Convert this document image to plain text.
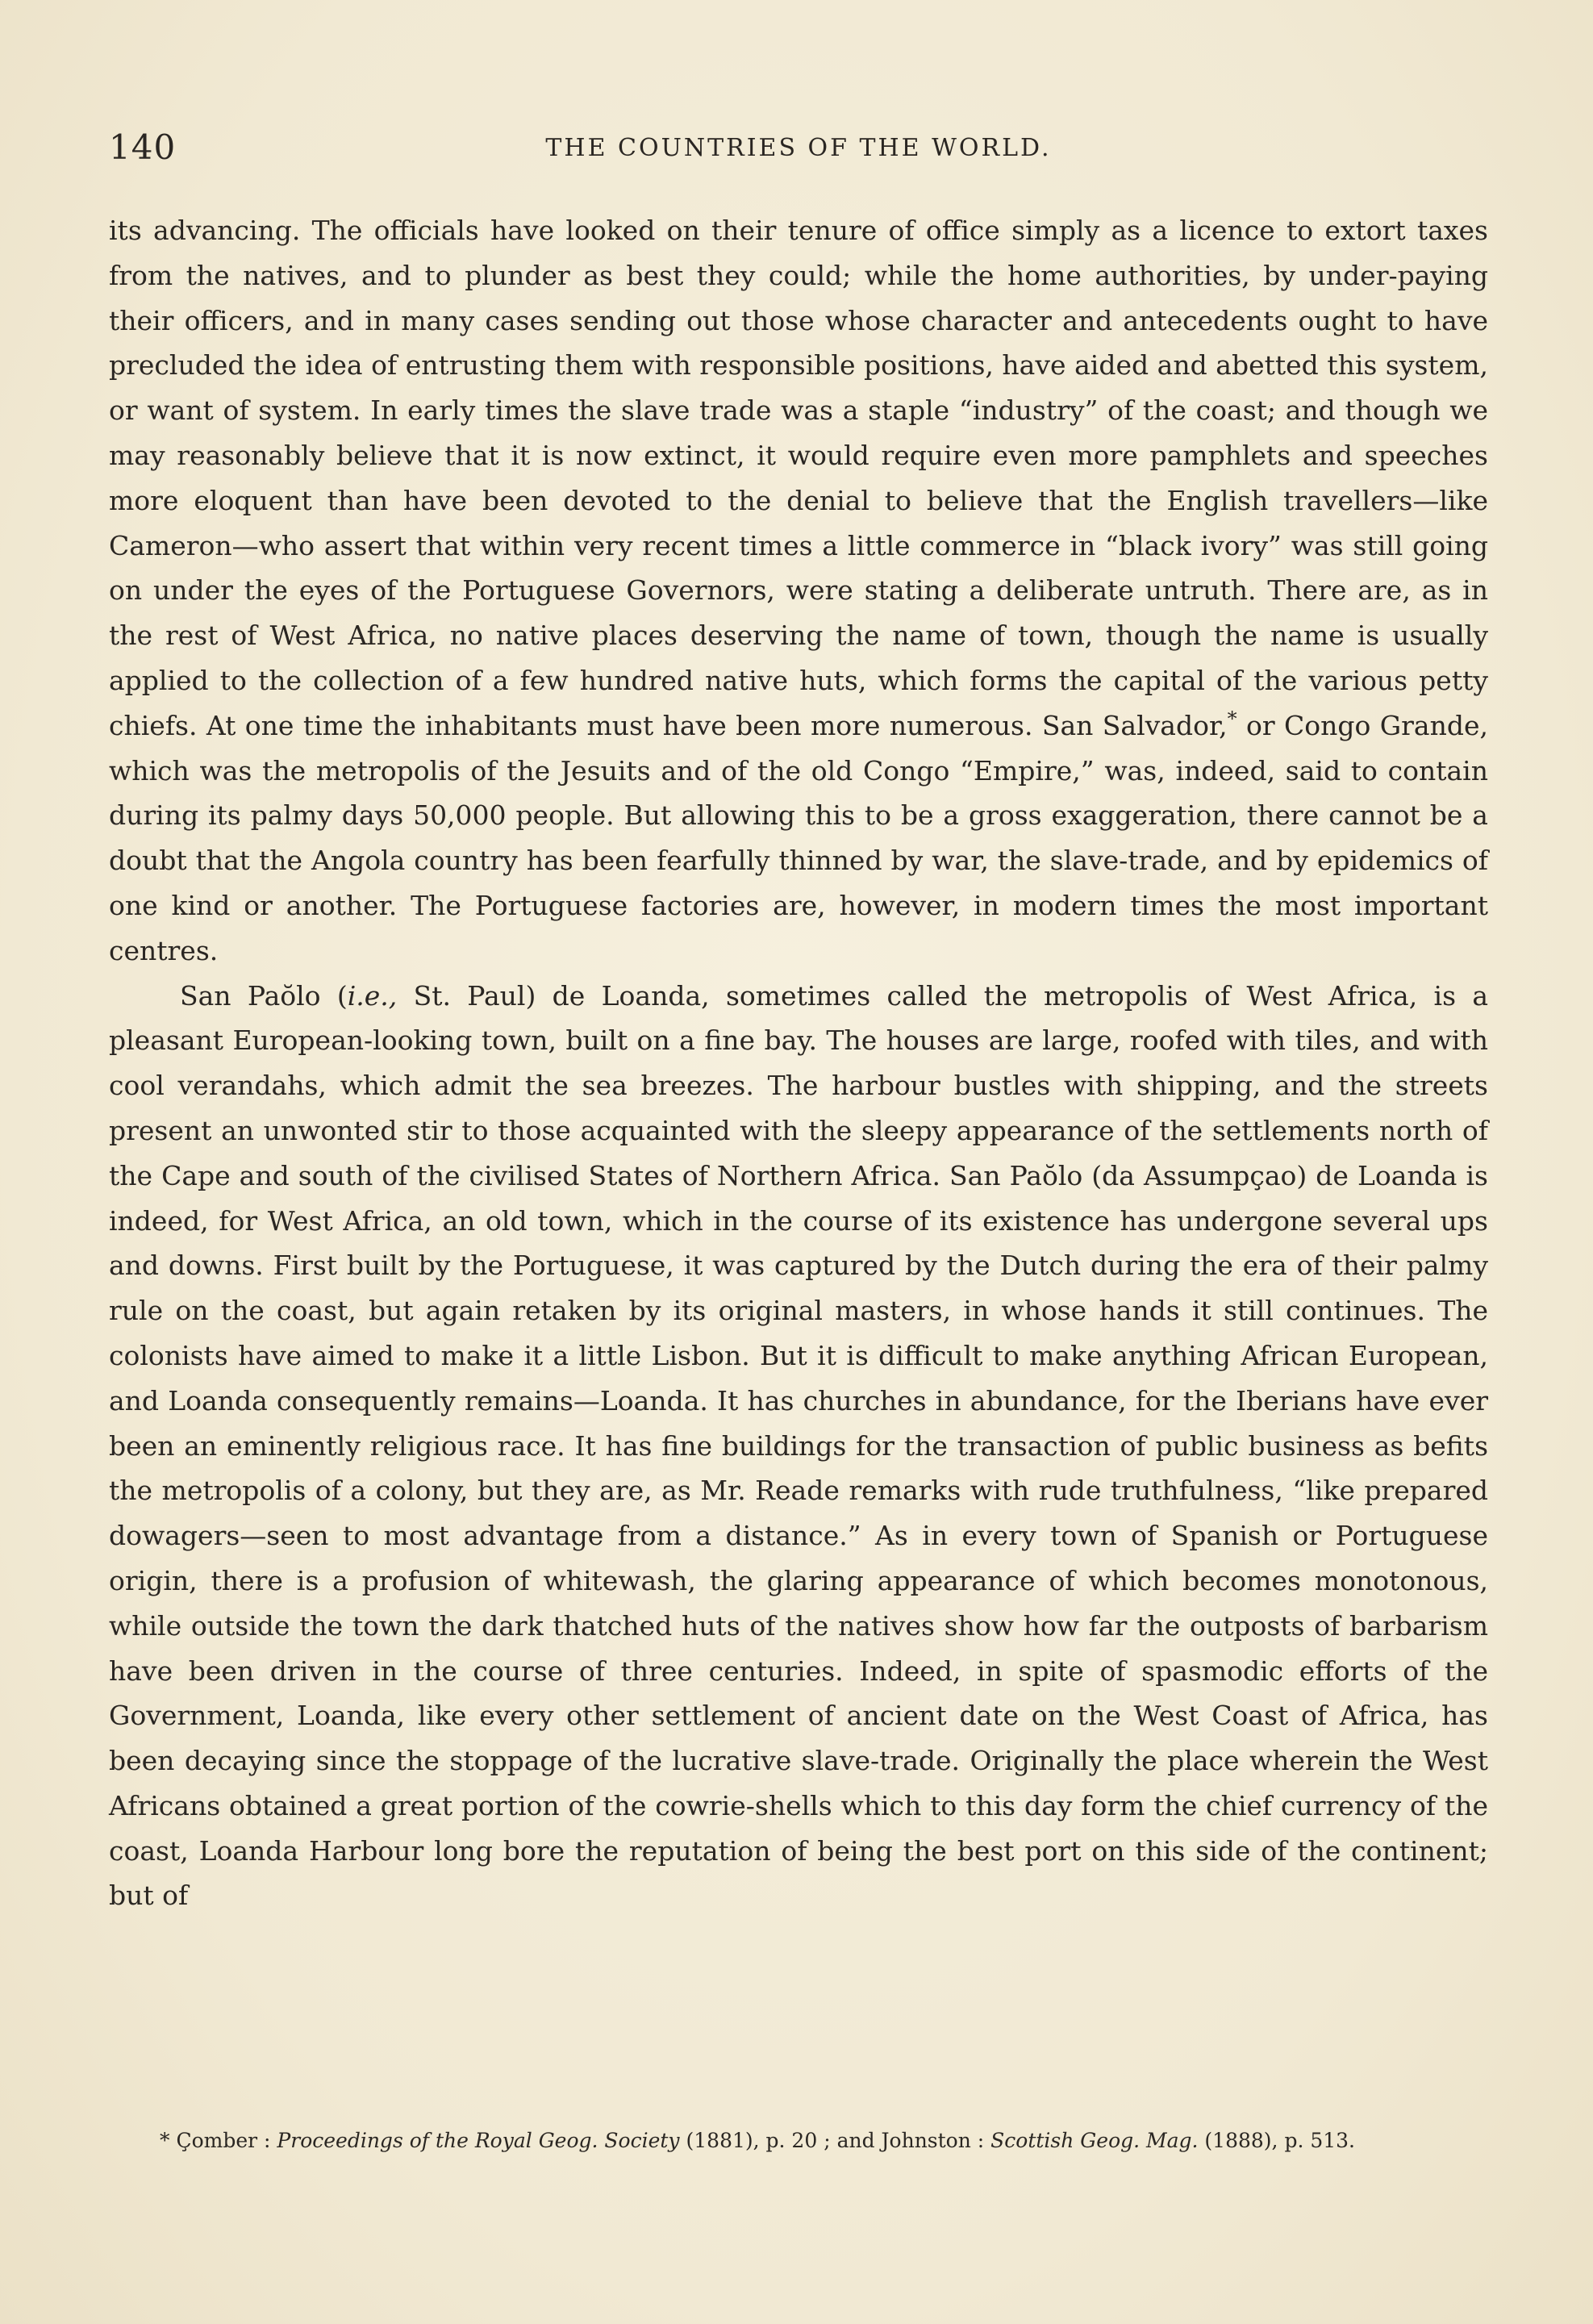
140	THE COUNTRIES OF THE WORLD.

its advancing. The officials have looked on their tenure of office simply as a licence to extort taxes from the natives, and to plunder as best they could; while the home authorities, by under-paying their officers, and in many cases sending out those whose character and antecedents ought to have precluded the idea of entrusting them with responsible positions, have aided and abetted this system, or want of system. In early times the slave trade was a staple “industry” of the coast; and though we may reasonably believe that it is now extinct, it would require even more pamphlets and speeches more eloquent than have been devoted to the denial to believe that the English travellers—like Cameron—who assert that within very recent times a little commerce in “black ivory” was still going on under the eyes of the Portuguese Governors, were stating a deliberate untruth. There are, as in the rest of West Africa, no native places deserving the name of town, though the name is usually applied to the collection of a few hundred native huts, which forms the capital of the various petty chiefs. At one time the inhabitants must have been more numerous. San Salvador,* or Congo Grande, which was the metropolis of the Jesuits and of the old Congo “Empire,” was, indeed, said to contain during its palmy days 50,000 people. But allowing this to be a gross exaggeration, there cannot be a doubt that the Angola country has been fearfully thinned by war, the slave-trade, and by epidemics of one kind or another. The Portuguese factories are, however, in modern times the most important centres.

San Paŏlo (i.e., St. Paul) de Loanda, sometimes called the metropolis of West Africa, is a pleasant European-looking town, built on a fine bay. The houses are large, roofed with tiles, and with cool verandahs, which admit the sea breezes. The harbour bustles with shipping, and the streets present an unwonted stir to those acquainted with the sleepy appearance of the settlements north of the Cape and south of the civilised States of Northern Africa. San Paŏlo (da Assumpçao) de Loanda is indeed, for West Africa, an old town, which in the course of its existence has undergone several ups and downs. First built by the Portuguese, it was captured by the Dutch during the era of their palmy rule on the coast, but again retaken by its original masters, in whose hands it still continues. The colonists have aimed to make it a little Lisbon. But it is difficult to make anything African European, and Loanda consequently remains—Loanda. It has churches in abundance, for the Iberians have ever been an eminently religious race. It has fine buildings for the transaction of public business as befits the metropolis of a colony, but they are, as Mr. Reade remarks with rude truthfulness, “like prepared dowagers—seen to most advantage from a distance.” As in every town of Spanish or Portuguese origin, there is a profusion of whitewash, the glaring appearance of which becomes monotonous, while outside the town the dark thatched huts of the natives show how far the outposts of barbarism have been driven in the course of three centuries. Indeed, in spite of spasmodic efforts of the Government, Loanda, like every other settlement of ancient date on the West Coast of Africa, has been decaying since the stoppage of the lucrative slave-trade. Originally the place wherein the West Africans obtained a great portion of the cowrie-shells which to this day form the chief currency of the coast, Loanda Harbour long bore the reputation of being the best port on this side of the continent; but of

* Çomber : Proceedings of the Royal Geog. Society (1881), p. 20 ; and Johnston : Scottish Geog. Mag. (1888), p. 513.
